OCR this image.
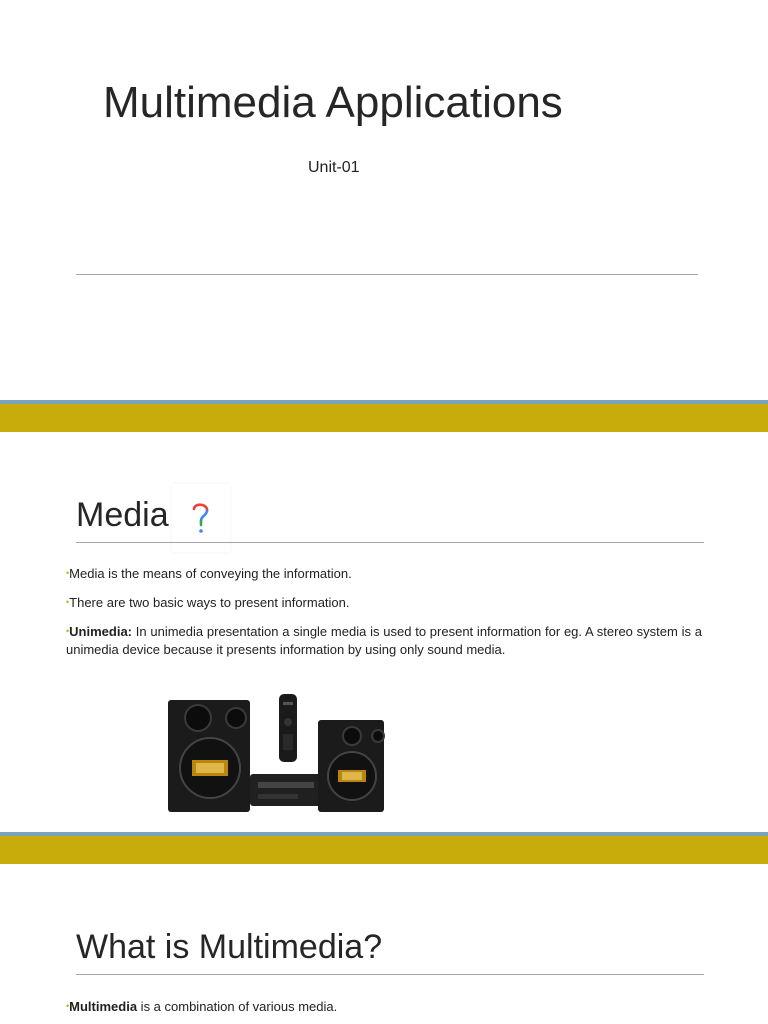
Multimedia Applications
Unit-01
Media
•Media is the means of conveying the information.
•There are two basic ways to present information.
•Unimedia: In unimedia presentation a single media is used to present information for eg. A stereo system is a unimedia device because it presents information by using only sound media.
What is Multimedia?
•Multimedia is a combination of various media.
